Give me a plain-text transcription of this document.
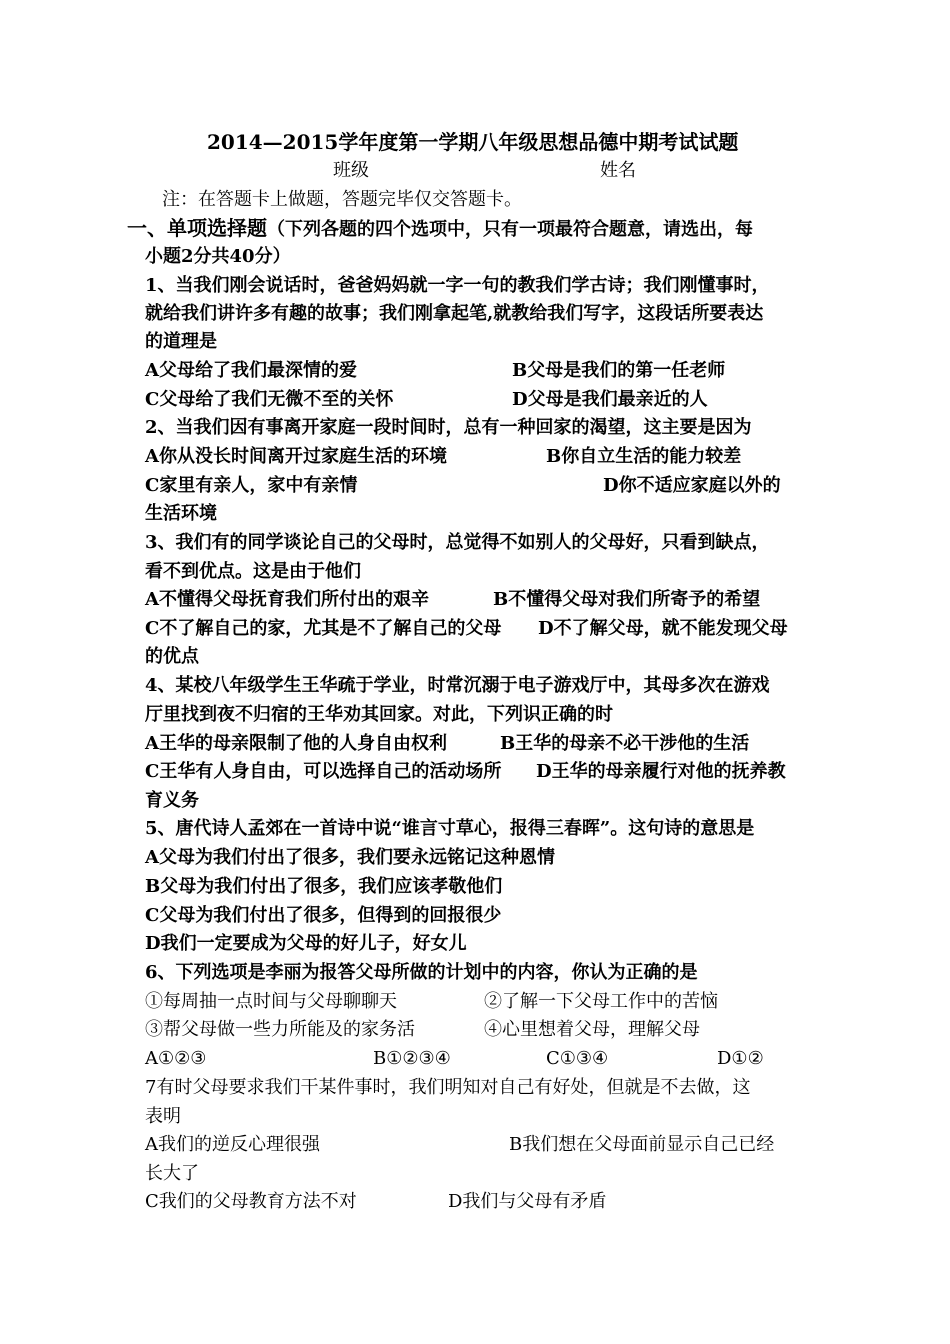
2014—2015学年度第一学期八年级思想品德中期考试试题
班级	姓名
注：在答题卡上做题，答题完毕仅交答题卡。
一、单项选择题（下列各题的四个选项中，只有一项最符合题意，请选出，每
小题2分共40分）
1、当我们刚会说话时，爸爸妈妈就一字一句的教我们学古诗；我们刚懂事时，
就给我们讲许多有趣的故事；我们刚拿起笔,就教给我们写字，这段话所要表达
的道理是
A父母给了我们最深情的爱	B父母是我们的第一任老师
C父母给了我们无微不至的关怀	D父母是我们最亲近的人
2、当我们因有事离开家庭一段时间时，总有一种回家的渴望，这主要是因为
A你从没长时间离开过家庭生活的环境	B你自立生活的能力较差
C家里有亲人，家中有亲情	D你不适应家庭以外的
生活环境
3、我们有的同学谈论自己的父母时，总觉得不如别人的父母好，只看到缺点，
看不到优点。这是由于他们
A不懂得父母抚育我们所付出的艰辛	B不懂得父母对我们所寄予的希望
C不了解自己的家，尤其是不了解自己的父母 D不了解父母，就不能发现父母
的优点
4、某校八年级学生王华疏于学业，时常沉溺于电子游戏厅中，其母多次在游戏
厅里找到夜不归宿的王华劝其回家。对此，下列识正确的时
A王华的母亲限制了他的人身自由权利	B王华的母亲不必干涉他的生活
C王华有人身自由，可以选择自己的活动场所 D王华的母亲履行对他的抚养教
育义务
5、唐代诗人孟郊在一首诗中说“谁言寸草心，报得三春晖”。这句诗的意思是
A父母为我们付出了很多，我们要永远铭记这种恩情
B父母为我们付出了很多，我们应该孝敬他们
C父母为我们付出了很多，但得到的回报很少
D我们一定要成为父母的好儿子，好女儿
6、下列选项是李丽为报答父母所做的计划中的内容，你认为正确的是
①每周抽一点时间与父母聊聊天	②了解一下父母工作中的苦恼
③帮父母做一些力所能及的家务活	④心里想着父母，理解父母
A①②③	B①②③④	C①③④	D①②
7有时父母要求我们干某件事时，我们明知对自己有好处，但就是不去做，这
表明
A我们的逆反心理很强	B我们想在父母面前显示自己已经
长大了
C我们的父母教育方法不对	D我们与父母有矛盾
